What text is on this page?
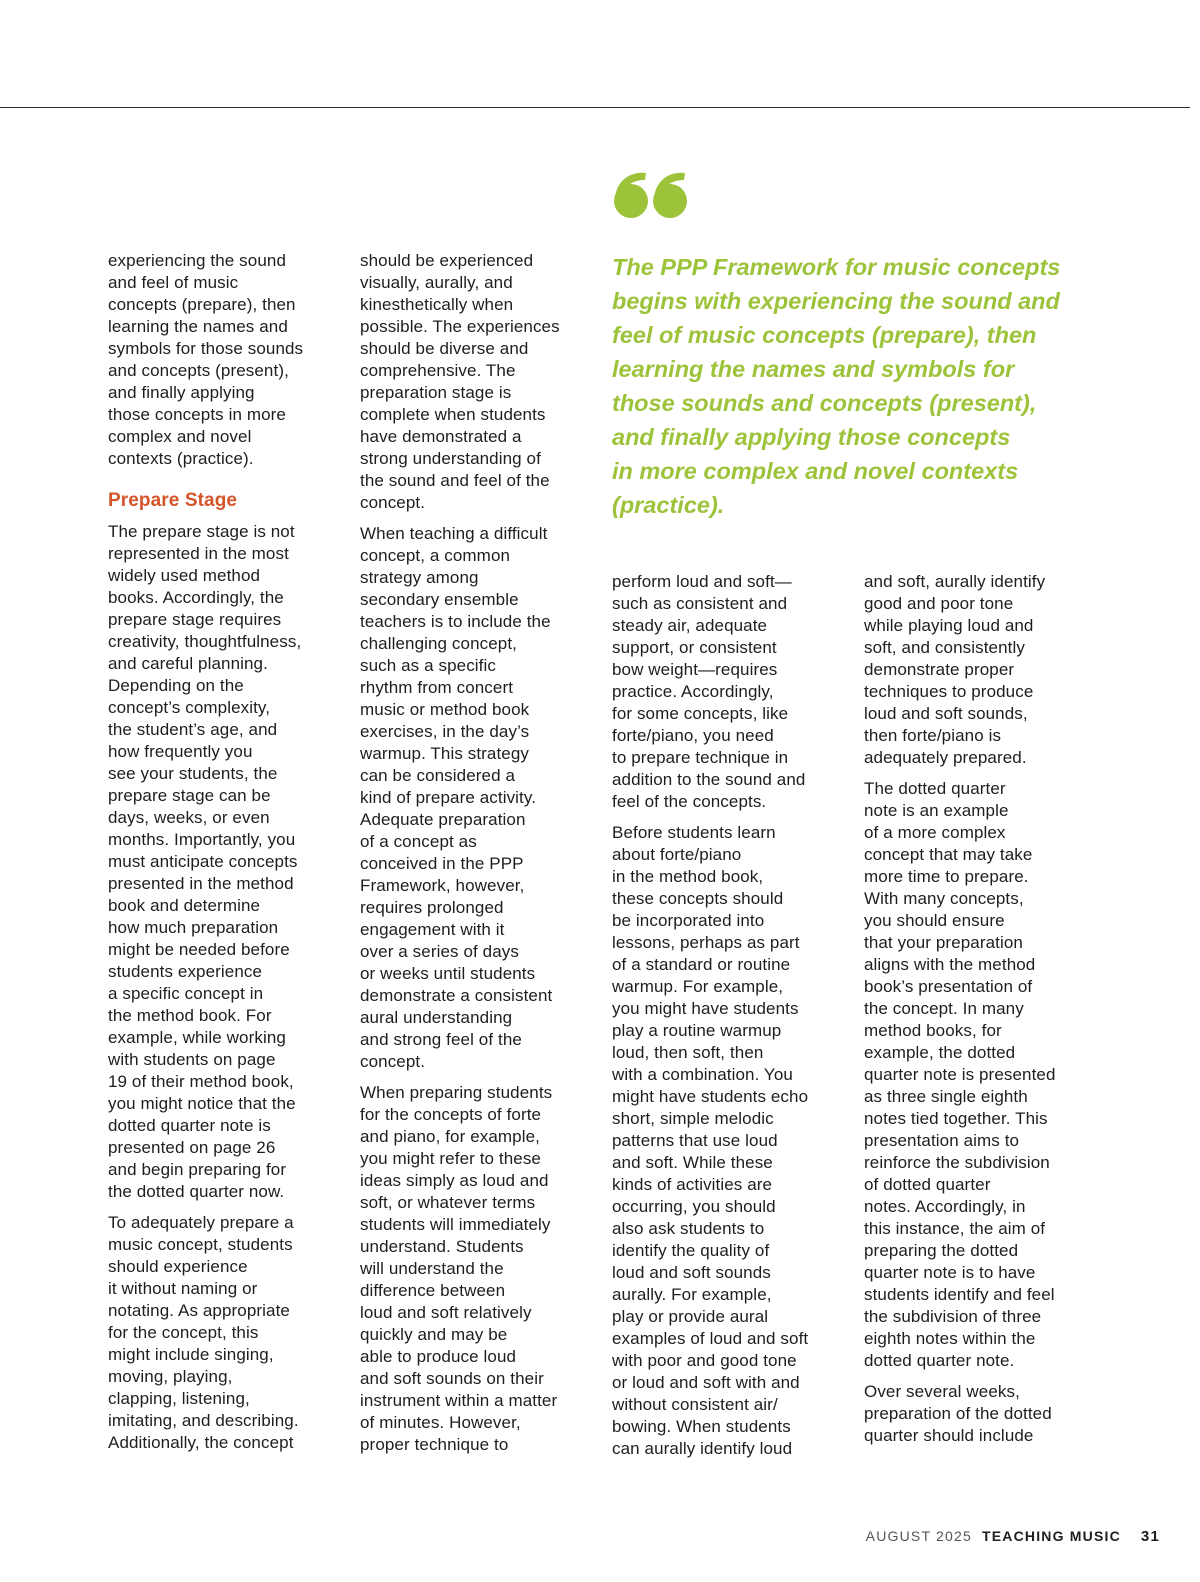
The PPP Framework for music concepts
begins with experiencing the sound and
feel of music concepts (prepare), then
learning the names and symbols for
those sounds and concepts (present),
and finally applying those concepts
in more complex and novel contexts
(practice).

experiencing the sound
and feel of music
concepts (prepare), then
learning the names and
symbols for those sounds
and concepts (present),
and finally applying
those concepts in more
complex and novel
contexts (practice).

Prepare Stage

The prepare stage is not
represented in the most
widely used method
books. Accordingly, the
prepare stage requires
creativity, thoughtfulness,
and careful planning.
Depending on the
concept’s complexity,
the student’s age, and
how frequently you
see your students, the
prepare stage can be
days, weeks, or even
months. Importantly, you
must anticipate concepts
presented in the method
book and determine
how much preparation
might be needed before
students experience
a specific concept in
the method book. For
example, while working
with students on page
19 of their method book,
you might notice that the
dotted quarter note is
presented on page 26
and begin preparing for
the dotted quarter now.

To adequately prepare a
music concept, students
should experience
it without naming or
notating. As appropriate
for the concept, this
might include singing,
moving, playing,
clapping, listening,
imitating, and describing.
Additionally, the concept

should be experienced
visually, aurally, and
kinesthetically when
possible. The experiences
should be diverse and
comprehensive. The
preparation stage is
complete when students
have demonstrated a
strong understanding of
the sound and feel of the
concept.

When teaching a difficult
concept, a common
strategy among
secondary ensemble
teachers is to include the
challenging concept,
such as a specific
rhythm from concert
music or method book
exercises, in the day’s
warmup. This strategy
can be considered a
kind of prepare activity.
Adequate preparation
of a concept as
conceived in the PPP
Framework, however,
requires prolonged
engagement with it
over a series of days
or weeks until students
demonstrate a consistent
aural understanding
and strong feel of the
concept.

When preparing students
for the concepts of forte
and piano, for example,
you might refer to these
ideas simply as loud and
soft, or whatever terms
students will immediately
understand. Students
will understand the
difference between
loud and soft relatively
quickly and may be
able to produce loud
and soft sounds on their
instrument within a matter
of minutes. However,
proper technique to

perform loud and soft—
such as consistent and
steady air, adequate
support, or consistent
bow weight—requires
practice. Accordingly,
for some concepts, like
forte/piano, you need
to prepare technique in
addition to the sound and
feel of the concepts.

Before students learn
about forte/piano
in the method book,
these concepts should
be incorporated into
lessons, perhaps as part
of a standard or routine
warmup. For example,
you might have students
play a routine warmup
loud, then soft, then
with a combination. You
might have students echo
short, simple melodic
patterns that use loud
and soft. While these
kinds of activities are
occurring, you should
also ask students to
identify the quality of
loud and soft sounds
aurally. For example,
play or provide aural
examples of loud and soft
with poor and good tone
or loud and soft with and
without consistent air/
bowing. When students
can aurally identify loud

and soft, aurally identify
good and poor tone
while playing loud and
soft, and consistently
demonstrate proper
techniques to produce
loud and soft sounds,
then forte/piano is
adequately prepared.

The dotted quarter
note is an example
of a more complex
concept that may take
more time to prepare.
With many concepts,
you should ensure
that your preparation
aligns with the method
book’s presentation of
the concept. In many
method books, for
example, the dotted
quarter note is presented
as three single eighth
notes tied together. This
presentation aims to
reinforce the subdivision
of dotted quarter
notes. Accordingly, in
this instance, the aim of
preparing the dotted
quarter note is to have
students identify and feel
the subdivision of three
eighth notes within the
dotted quarter note.

Over several weeks,
preparation of the dotted
quarter should include

AUGUST 2025 TEACHING MUSIC 31
